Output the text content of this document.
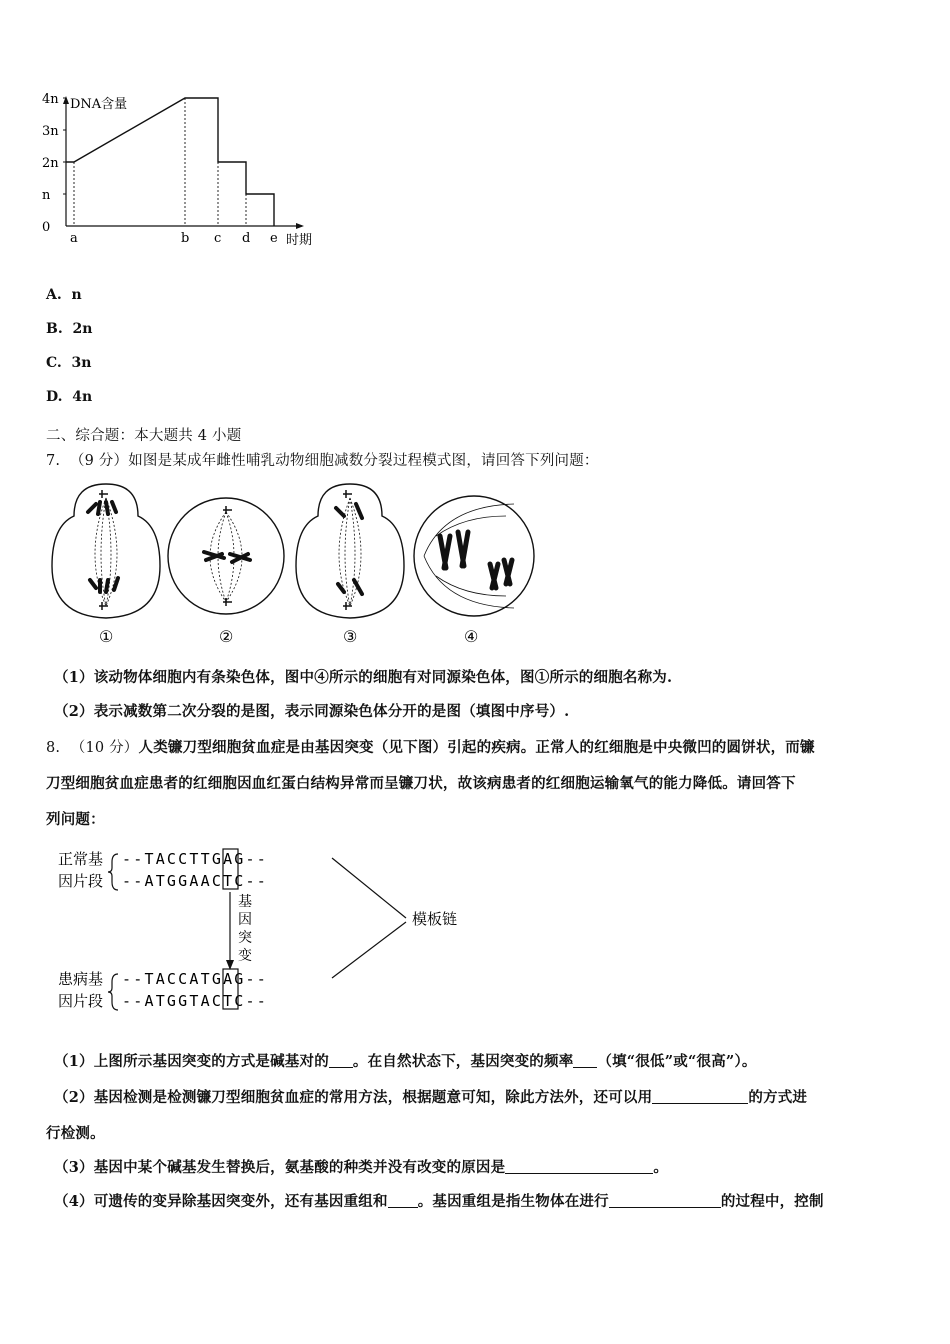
DNA含量
时期
0
n
2n
3n
4n
a	b c d e
A. n
B. 2n
C. 3n
D. 4n
二、综合题：本大题共 4 小题
7. （9 分）如图是某成年雌性哺乳动物细胞减数分裂过程模式图，请回答下列问题：
①	②	③	④
（1）该动物体细胞内有条染色体，图中④所示的细胞有对同源染色体，图①所示的细胞名称为.
（2）表示减数第二次分裂的是图，表示同源染色体分开的是图（填图中序号）.
8. （10 分）人类镰刀型细胞贫血症是由基因突变（见下图）引起的疾病。正常人的红细胞是中央微凹的圆饼状，而镰
刀型细胞贫血症患者的红细胞因血红蛋白结构异常而呈镰刀状，故该病患者的红细胞运输氧气的能力降低。请回答下
列问题：
正常基
因片段
--TACCTTGAG--
--ATGGAACTC--
基
因
突
变
模板链
患病基
因片段
--TACCATGAG--
--ATGGTACTC--
（1）上图所示基因突变的方式是碱基对的 。在自然状态下，基因突变的频率 （填“很低”或“很高”）。
（2）基因检测是检测镰刀型细胞贫血症的常用方法，根据题意可知，除此方法外，还可以用	的方式进
行检测。
（3）基因中某个碱基发生替换后，氨基酸的种类并没有改变的原因是	。
（4）可遗传的变异除基因突变外，还有基因重组和 。基因重组是指生物体在进行	的过程中，控制
